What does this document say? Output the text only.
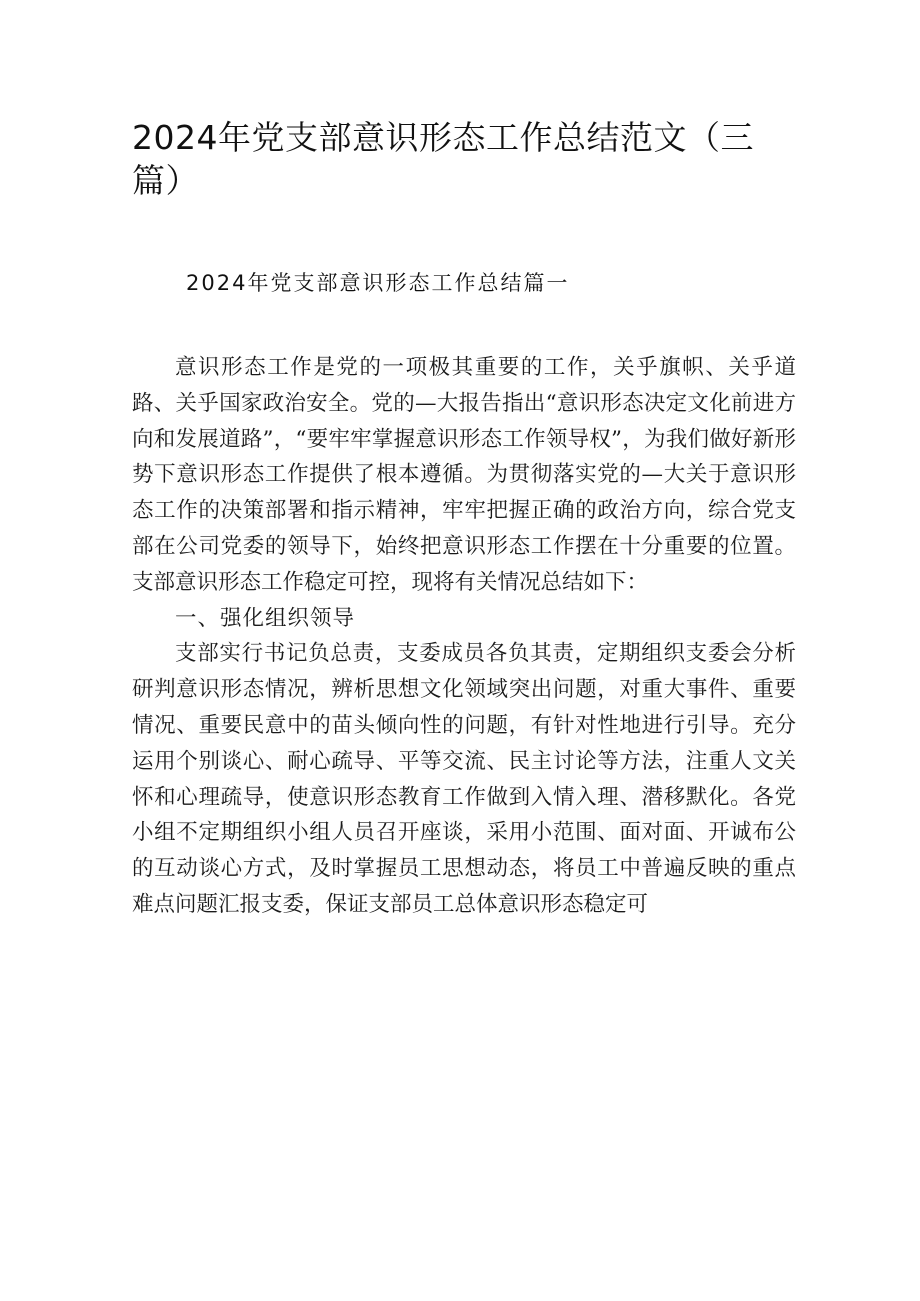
2024年党支部意识形态工作总结范文（三篇）
2024年党支部意识形态工作总结篇一

意识形态工作是党的一项极其重要的工作，关乎旗帜、关乎道路、关乎国家政治安全。党的—大报告指出“意识形态决定文化前进方向和发展道路”，“要牢牢掌握意识形态工作领导权”，为我们做好新形势下意识形态工作提供了根本遵循。为贯彻落实党的—大关于意识形态工作的决策部署和指示精神，牢牢把握正确的政治方向，综合党支部在公司党委的领导下，始终把意识形态工作摆在十分重要的位置。支部意识形态工作稳定可控，现将有关情况总结如下：

一、强化组织领导

支部实行书记负总责，支委成员各负其责，定期组织支委会分析研判意识形态情况，辨析思想文化领域突出问题，对重大事件、重要情况、重要民意中的苗头倾向性的问题，有针对性地进行引导。充分运用个别谈心、耐心疏导、平等交流、民主讨论等方法，注重人文关怀和心理疏导，使意识形态教育工作做到入情入理、潜移默化。各党小组不定期组织小组人员召开座谈，采用小范围、面对面、开诚布公的互动谈心方式，及时掌握员工思想动态，将员工中普遍反映的重点难点问题汇报支委，保证支部员工总体意识形态稳定可
